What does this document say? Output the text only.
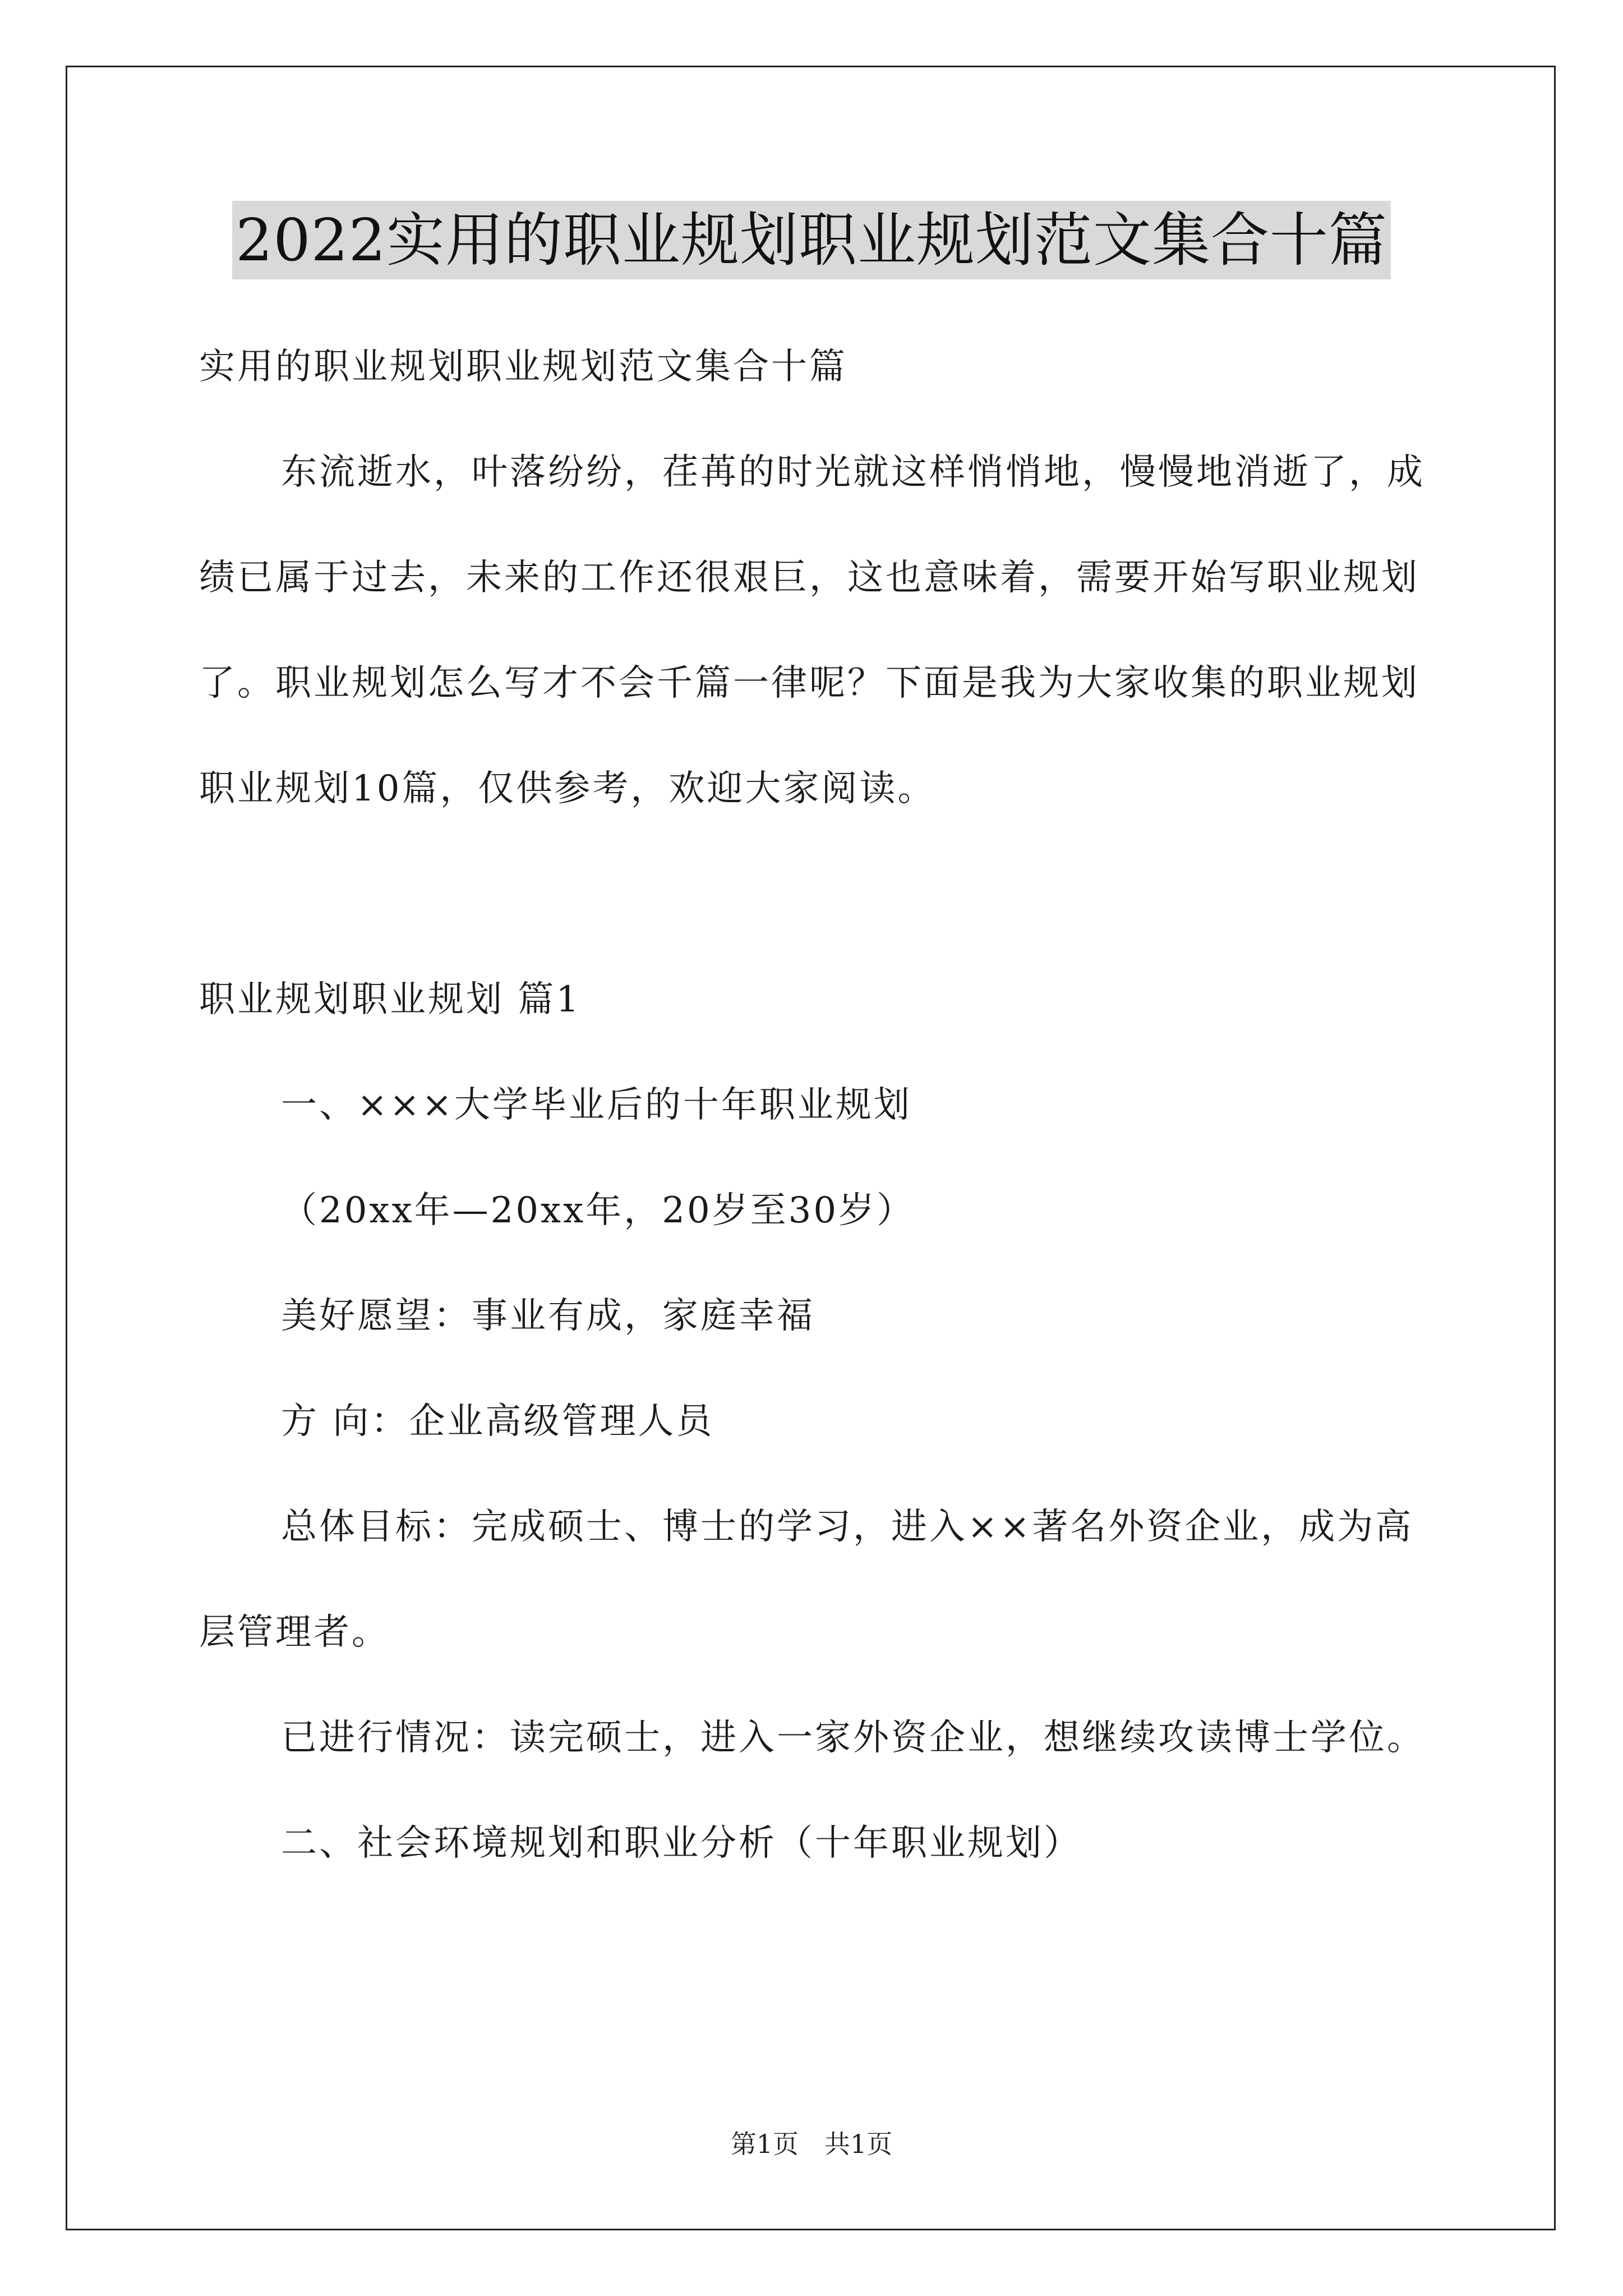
2022实用的职业规划职业规划范文集合十篇

实用的职业规划职业规划范文集合十篇

东流逝水，叶落纷纷，荏苒的时光就这样悄悄地，慢慢地消逝了，成绩已属于过去，未来的工作还很艰巨，这也意味着，需要开始写职业规划了。职业规划怎么写才不会千篇一律呢？下面是我为大家收集的职业规划职业规划10篇，仅供参考，欢迎大家阅读。

职业规划职业规划 篇1

一、×××大学毕业后的十年职业规划

（20xx年—20xx年，20岁至30岁）

美好愿望：事业有成，家庭幸福

方 向：企业高级管理人员

总体目标：完成硕士、博士的学习，进入××著名外资企业，成为高层管理者。

已进行情况：读完硕士，进入一家外资企业，想继续攻读博士学位。

二、社会环境规划和职业分析（十年职业规划）

第1页　共1页
